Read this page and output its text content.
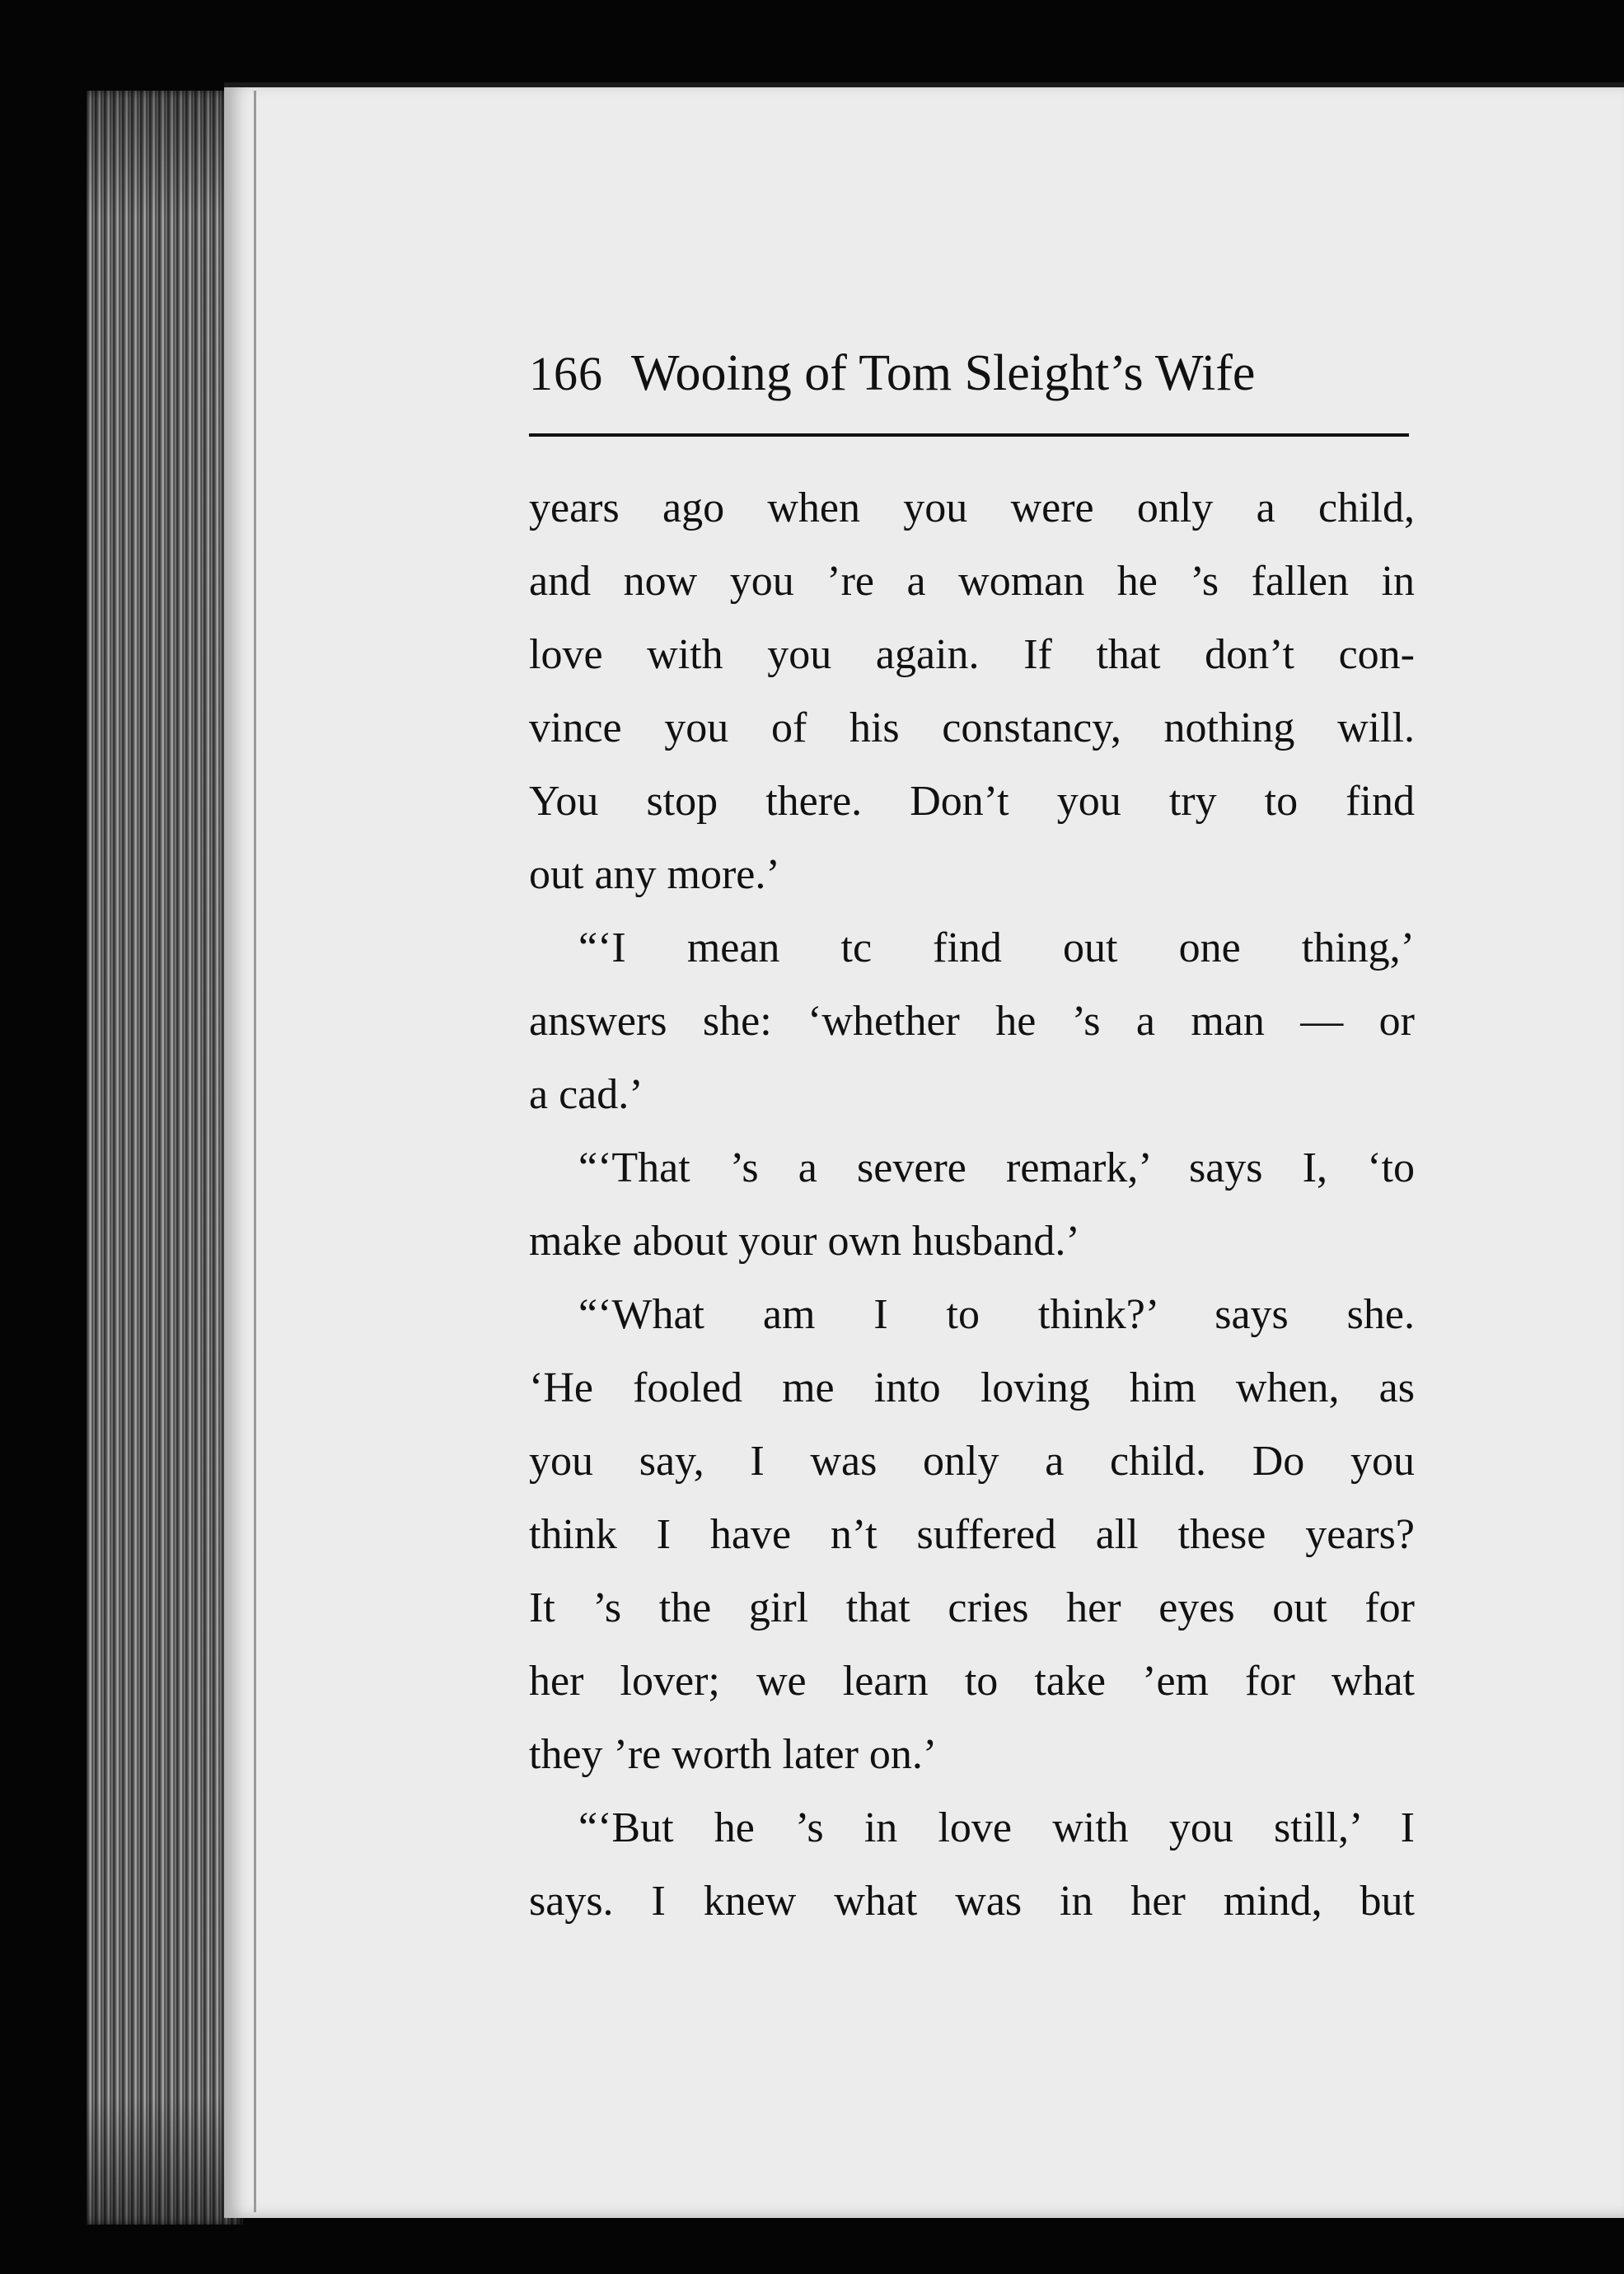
166 Wooing of Tom Sleight’s Wife
years ago when you were only a child,
and now you ’re a woman he ’s fallen in
love with you again. If that don’t con-
vince you of his constancy, nothing will.
You stop there. Don’t you try to find
out any more.’
“‘I mean tc find out one thing,’
answers she: ‘whether he ’s a man — or
a cad.’
“‘That ’s a severe remark,’ says I, ‘to
make about your own husband.’
“‘What am I to think?’ says she.
‘He fooled me into loving him when, as
you say, I was only a child. Do you
think I have n’t suffered all these years?
It ’s the girl that cries her eyes out for
her lover; we learn to take ’em for what
they ’re worth later on.’
“‘But he ’s in love with you still,’ I
says. I knew what was in her mind, but
